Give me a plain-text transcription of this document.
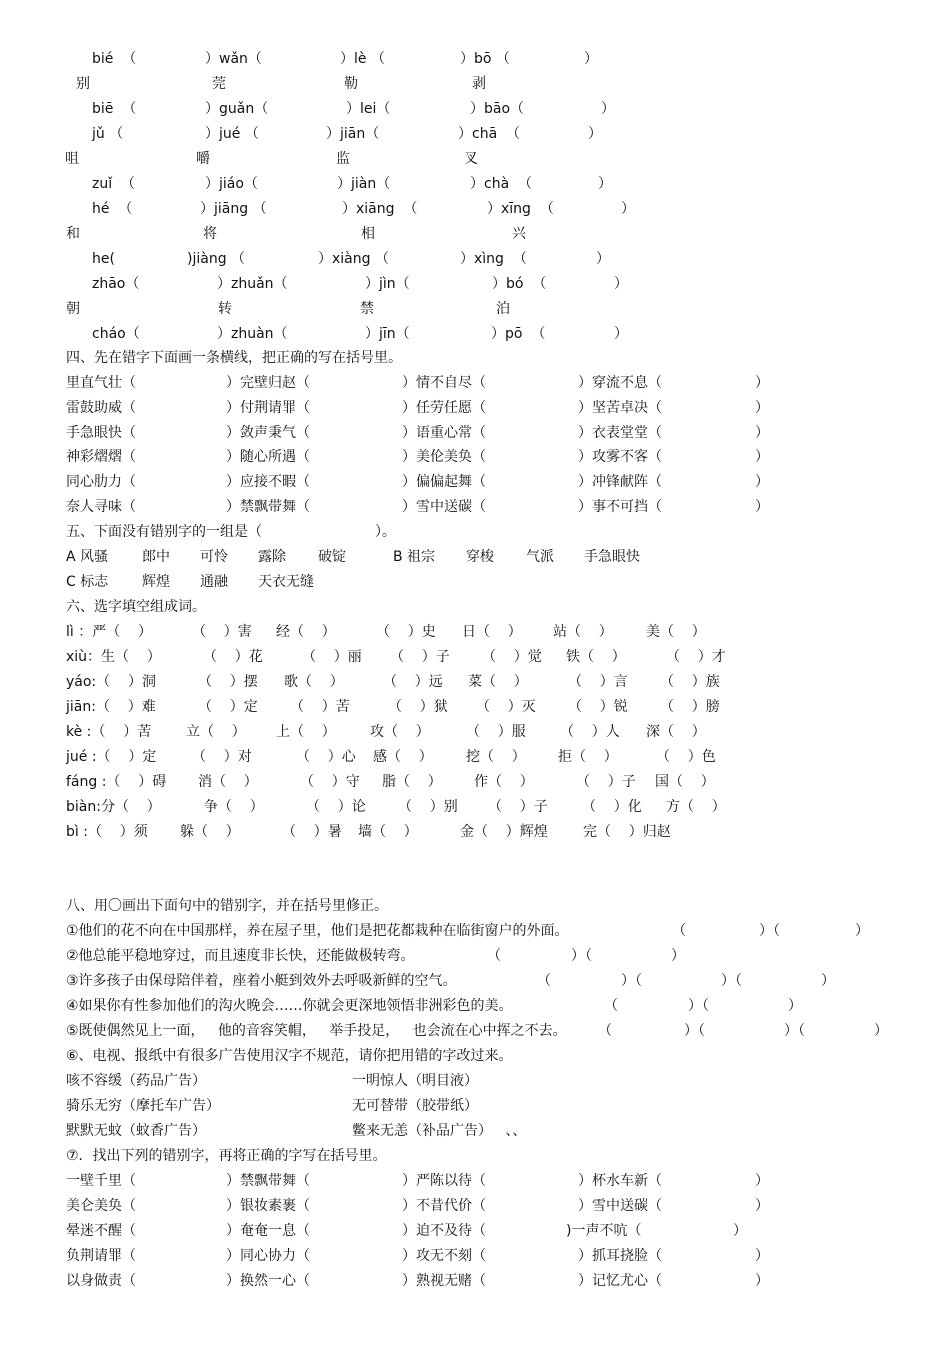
bié  （	）wǎn（	）lè （	）bō （	）
别	莞	勒	剥
biē  （	）guǎn（	）lei（	）bāo（	）
jǔ （	）jué （	）jiān（	）chā  （	）
咀	嚼	监	叉
zuǐ  （	）jiáo（	）jiàn（	）chà  （	）
hé  （	）jiāng （	）xiāng  （	）xīng  （	）
和	将	相	兴
he(	)jiàng （	）xiàng （	）xìng  （	）
zhāo（	）zhuǎn（	）jìn（	）bó  （	）
朝	转	禁	泊
cháo（	）zhuàn（	）jīn（	）pō  （	）
四、先在错字下面画一条横线，把正确的写在括号里。
里直气壮（	）完壁归赵（	）情不自尽（	）穿流不息（	）
雷鼓助威（	）付荆请罪（	）任劳任愿（	）坚苦卓决（	）
手急眼快（	）敛声秉气（	）语重心常（	）衣表堂堂（	）
神彩熠熠（	）随心所遇（	）美伦美奂（	）攻雾不客（	）
同心肋力（	）应接不暇（	）偏偏起舞（	）冲锋献阵（	）
奈人寻味（	）禁飘带舞（	）雪中送碳（	）事不可挡（	）
五、下面没有错别字的一组是（	）。
A 风骚 郎中 可怜 露除 破锭	B 祖宗 穿梭 气派 手急眼快
C 标志 辉煌 通融 天衣无缝
六、选字填空组成词。
lì ：严（    ）	（    ）害 经（    ）	（    ）史 日（    ） 站（    ） 美（    ）
xiù：生（    ）	（    ）花	（    ）丽 （    ）子 （    ）觉 铁（    ）	（    ）才
yáo:（    ）洞	（    ）摆 歌（    ）	（    ）远 菜（    ）	（    ）言 （    ）族
jiān:（    ）难	（    ）定 （    ）苦	（    ）狱 （    ）灭 （    ）锐 （    ）膀
kè :（    ）苦 立（    ） 上（    ） 攻（    ）	（    ）服 （    ）人 深（    ）
jué :（    ）定	（    ）对	（    ）心 感（    ） 挖（    ） 拒（    ）	（    ）色
fáng :（    ）碍 消（    ）	（    ）守 脂（    ） 作（    ）	（    ）子 国（    ）
biàn:分（    ）	争（    ）	（    ）论 （    ）别 （    ）子 （    ）化 方（    ）
bì :（    ）须 躲（    ）	（    ）暑 墙（    ）	金（    ）辉煌	完（    ）归赵
八、用〇画出下面句中的错别字，并在括号里修正。
①他们的花不向在中国那样，养在屋子里，他们是把花都栽种在临街窗户的外面。	（	）（	）
②他总能平稳地穿过，而且速度非长快，还能做极转弯。	（	）（	）
③许多孩子由保母陪伴着，座着小艇到效外去呼吸新鲜的空气。	（	）（	）（	）
④如果你有性参加他们的沟火晚会……你就会更深地领悟非洲彩色的美。	（	）（	）
⑤既使偶然见上一面，   他的音容笑帽，   举手投足，   也会流在心中挥之不去。 （	）（	）（	）
⑥、电视、报纸中有很多广告使用汉字不规范，请你把用错的字改过来。
咳不容缓（药品广告）	一明惊人（明目液）
骑乐无穷（摩托车广告）	无可替带（胶带纸）
默默无蚊（蚊香广告）	鳖来无恙（补品广告）   、、
⑦．找出下列的错别字，再将正确的字写在括号里。
一壁千里（	）禁飘带舞（	）严陈以待（	）杯水车新（	）
美仑美奂（	）银妆素裹（	）不昔代价（	）雪中送碳（	）
晕迷不醒（	）奄奄一息（	）迫不及待（	)一声不吭（	）
负荆请罪（	）同心协力（	）攻无不刻（	）抓耳挠脸（	）
以身做责（	）换然一心（	）熟视无赌（	）记忆尤心（	）
